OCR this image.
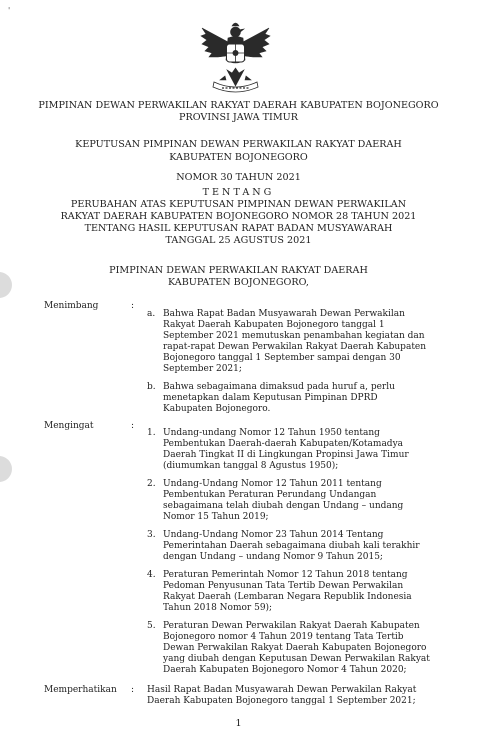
'
PIMPINAN DEWAN PERWAKILAN RAKYAT DAERAH KABUPATEN BOJONEGORO
PROVINSI JAWA TIMUR
KEPUTUSAN PIMPINAN DEWAN PERWAKILAN RAKYAT DAERAH
KABUPATEN BOJONEGORO
NOMOR 30 TAHUN 2021
TENTANG
PERUBAHAN ATAS KEPUTUSAN PIMPINAN DEWAN PERWAKILAN
RAKYAT DAERAH KABUPATEN BOJONEGORO NOMOR 28 TAHUN 2021
TENTANG HASIL KEPUTUSAN RAPAT BADAN MUSYAWARAH
TANGGAL 25 AGUSTUS 2021
PIMPINAN DEWAN PERWAKILAN RAKYAT DAERAH
KABUPATEN BOJONEGORO,
Menimbang	:
a. Bahwa Rapat Badan Musyawarah Dewan Perwakilan
Rakyat Daerah Kabupaten Bojonegoro tanggal 1
September 2021 memutuskan penambahan kegiatan dan
rapat-rapat Dewan Perwakilan Rakyat Daerah Kabupaten
Bojonegoro tanggal 1 September sampai dengan 30
September 2021;
b. Bahwa sebagaimana dimaksud pada huruf a, perlu
menetapkan dalam Keputusan Pimpinan DPRD
Kabupaten Bojonegoro.
Mengingat	:
1. Undang-undang Nomor 12 Tahun 1950 tentang
Pembentukan Daerah-daerah Kabupaten/Kotamadya
Daerah Tingkat II di Lingkungan Propinsi Jawa Timur
(diumumkan tanggal 8 Agustus 1950);
2. Undang-Undang Nomor 12 Tahun 2011 tentang
Pembentukan Peraturan Perundang Undangan
sebagaimana telah diubah dengan Undang – undang
Nomor 15 Tahun 2019;
3. Undang-Undang Nomor 23 Tahun 2014 Tentang
Pemerintahan Daerah sebagaimana diubah kali terakhir
dengan Undang – undang Nomor 9 Tahun 2015;
4. Peraturan Pemerintah Nomor 12 Tahun 2018 tentang
Pedoman Penyusunan Tata Tertib Dewan Perwakilan
Rakyat Daerah (Lembaran Negara Republik Indonesia
Tahun 2018 Nomor 59);
5. Peraturan Dewan Perwakilan Rakyat Daerah Kabupaten
Bojonegoro nomor 4 Tahun 2019 tentang Tata Tertib
Dewan Perwakilan Rakyat Daerah Kabupaten Bojonegoro
yang diubah dengan Keputusan Dewan Perwakilan Rakyat
Daerah Kabupaten Bojonegoro Nomor 4 Tahun 2020;
Memperhatikan : Hasil Rapat Badan Musyawarah Dewan Perwakilan Rakyat
Daerah Kabupaten Bojonegoro tanggal 1 September 2021;
1
